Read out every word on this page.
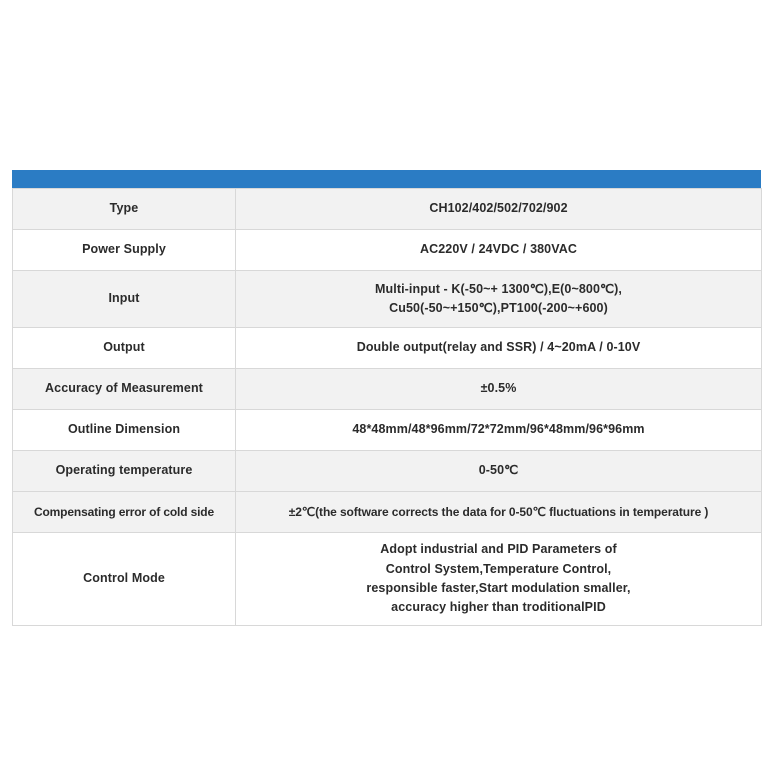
Type	CH102/402/502/702/902
Power Supply	AC220V / 24VDC / 380VAC
Input	Multi-input - K(-50~+ 1300℃),E(0~800℃),
Cu50(-50~+150℃),PT100(-200~+600)

Output	Double output(relay and SSR) / 4~20mA / 0-10V
Accuracy of Measurement	±0.5%
Outline Dimension	48*48mm/48*96mm/72*72mm/96*48mm/96*96mm
Operating temperature	0-50℃
Compensating error of cold side	±2℃(the software corrects the data for 0-50℃ fluctuations in temperature )
Control Mode	Adopt industrial and PID Parameters of
Control System,Temperature Control,
responsible faster,Start modulation smaller,
accuracy higher than troditionalPID
